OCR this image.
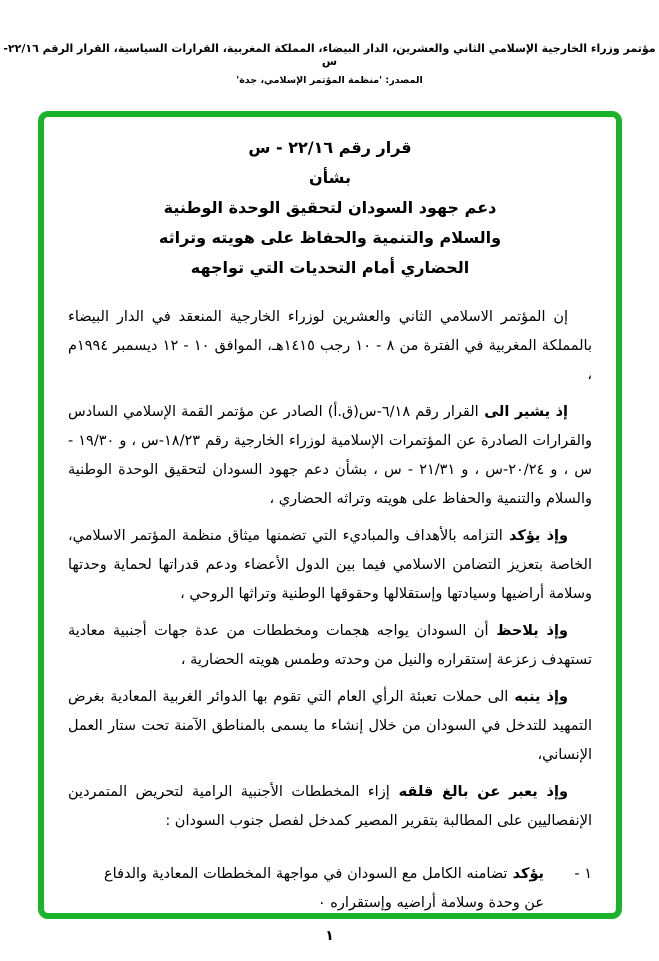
مؤتمر وزراء الخارجية الإسلامي الثاني والعشرين، الدار البيضاء، المملكة المغربية، القرارات السياسية، القرار الرقم ٢٢/١٦-س
المصدر: 'منظمة المؤتمر الإسلامي، جدة'
قرار رقم ٢٢/١٦ - س
بشأن
دعم جهود السودان لتحقيق الوحدة الوطنية
والسلام والتنمية والحفاظ على هويته وتراثه
الحضاري أمام التحديات التي تواجهه

إن المؤتمر الاسلامي الثاني والعشرين لوزراء الخارجية المنعقد في الدار البيضاء بالمملكة المغربية في الفترة من ٨ - ١٠ رجب ١٤١٥هـ، الموافق ١٠ - ١٢ ديسمبر ١٩٩٤م ،

إذ يشير الىالقرار رقم ٦/١٨-س(ق.أ) الصادر عن مؤتمر القمة الإسلامي السادس والقرارات الصادرة عن المؤتمرات الإسلامية لوزراء الخارجية رقم ١٨/٢٣-س ، و ١٩/٣٠ - س ، و ٢٠/٢٤-س ، و ٢١/٣١ - س ، بشأن دعم جهود السودان لتحقيق الوحدة الوطنية والسلام والتنمية والحفاظ على هويته وتراثه الحضاري ،

وإذ يؤكدالتزامه بالأهداف والمباديء التي تضمنها ميثاق منظمة المؤتمر الاسلامي، الخاصة بتعزيز التضامن الاسلامي فيما بين الدول الأعضاء ودعم قدراتها لحماية وحدتها وسلامة أراضيها وسيادتها وإستقلالها وحقوقها الوطنية وتراثها الروحي ،

وإذ يلاحظأن السودان يواجه هجمات ومخططات من عدة جهات أجنبية معادية تستهدف زعزعة إستقراره والنيل من وحدته وطمس هويته الحضارية ،

وإذ ينبهالى حملات تعبئة الرأي العام التي تقوم بها الدوائر الغربية المعادية بغرض التمهيد للتدخل في السودان من خلال إنشاء ما يسمى بالمناطق الآمنة تحت ستار العمل الإنساني،

وإذ يعبر عن بالغ قلقهإزاء المخططات الأجنبية الرامية لتحريض المتمردين الإنفصاليين على المطالبة بتقرير المصير كمدخل لفصل جنوب السودان :

١ -
يؤكدتضامنه الكامل مع السودان في مواجهة المخططات المعادية والدفاع عن وحدة وسلامة أراضيه وإستقراره ٠
١
